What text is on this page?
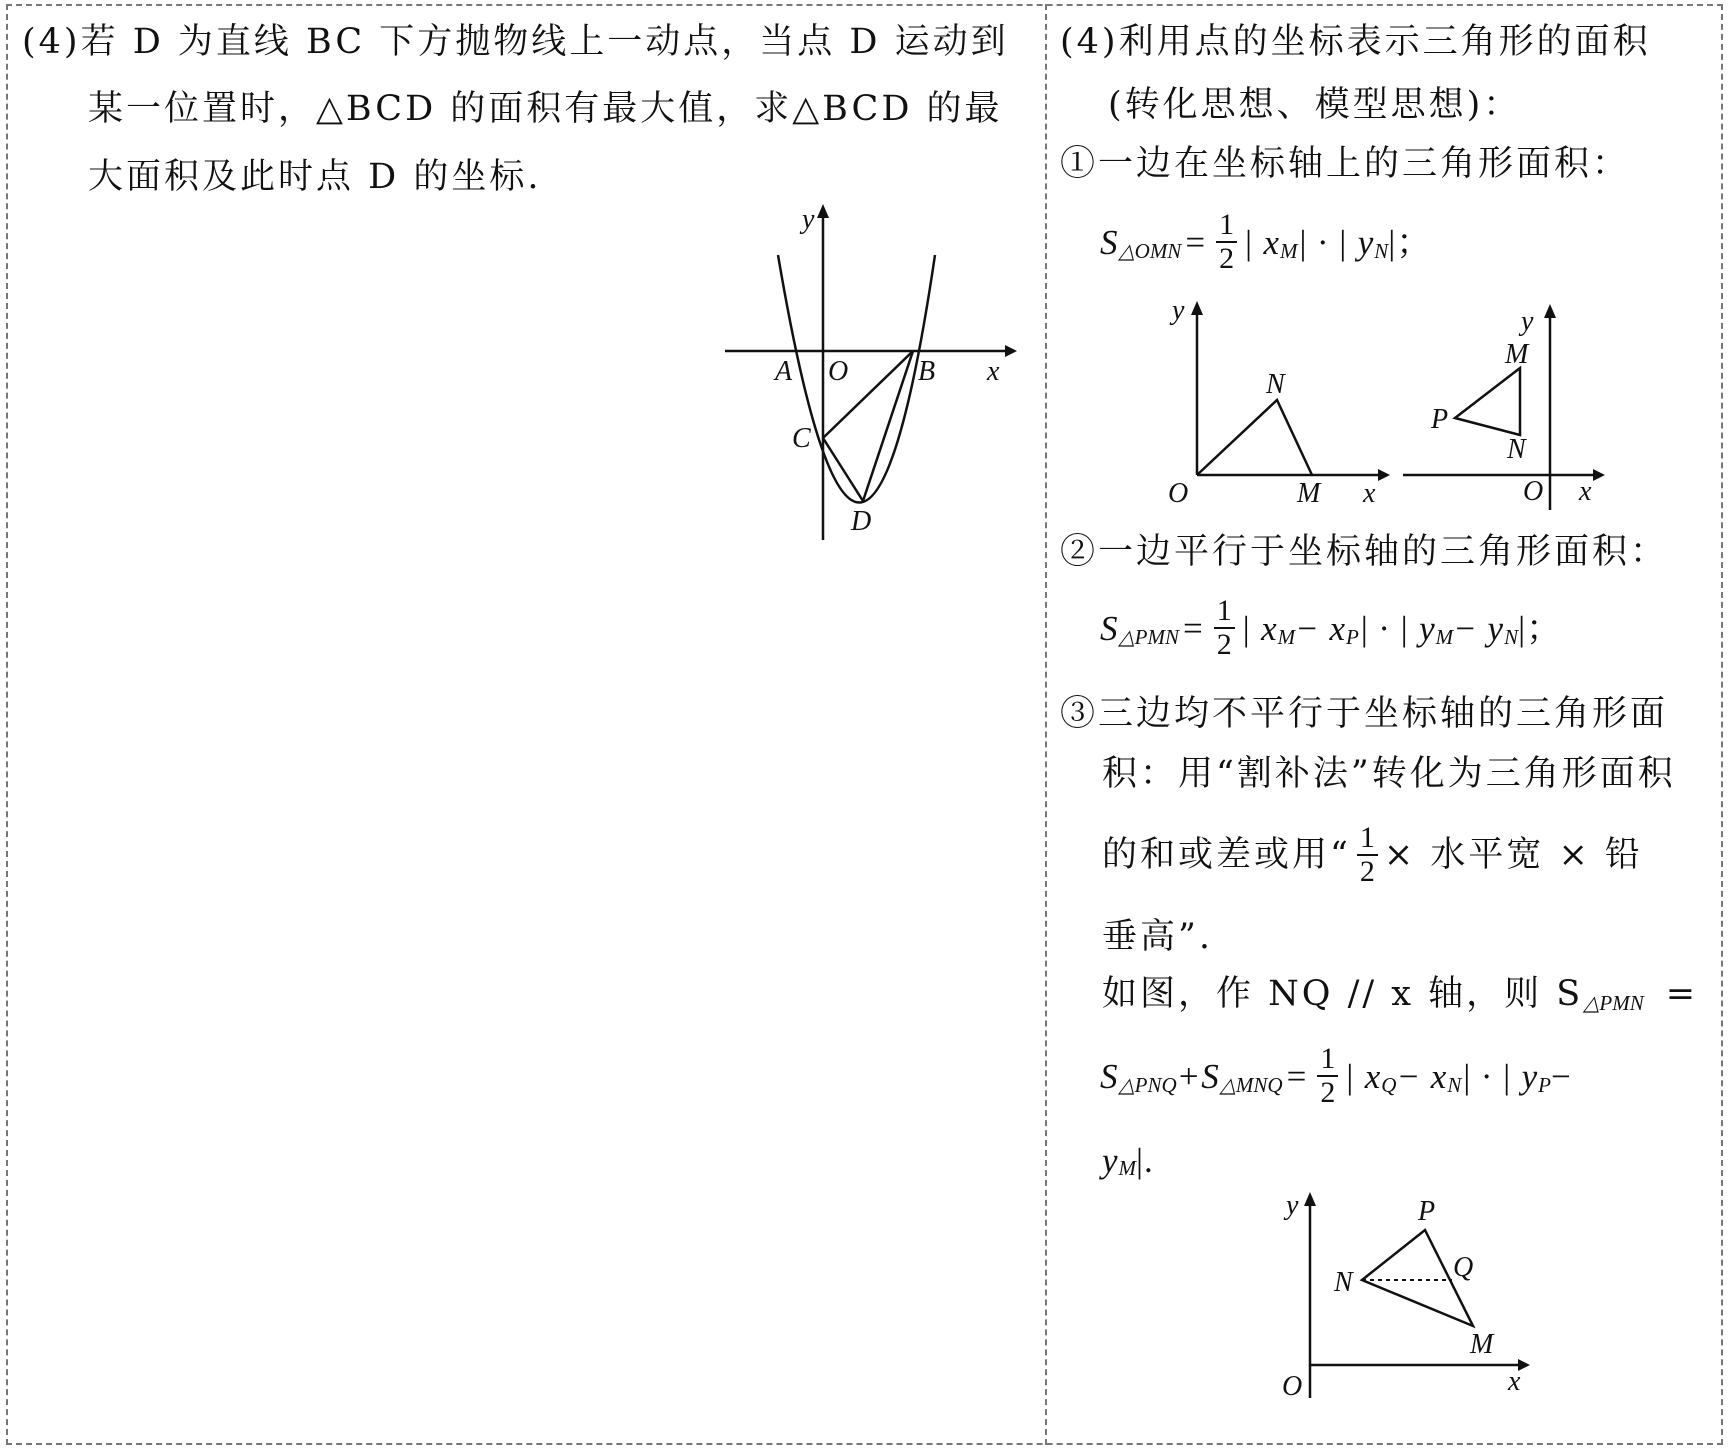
(4)若 D 为直线 BC 下方抛物线上一动点，当点 D 运动到
某一位置时，△BCD 的面积有最大值，求△BCD 的最
大面积及此时点 D 的坐标.
y
x
A O B
C
D
(4)利用点的坐标表示三角形的面积
(转化思想、模型思想)：
①一边在坐标轴上的三角形面积：
S △OMN = $\frac{1}{2}$ | x M | · | y N |；
y
x
O
N
M
y
x
O
M
N
P
②一边平行于坐标轴的三角形面积：
S △PMN = $\frac{1}{2}$ | x M − x P | · | y M − y N |；
③三边均不平行于坐标轴的三角形面
积：用“割补法”转化为三角形面积
的和或差或用“ $\frac{1}{2}$ × 水平宽 × 铅
垂高”.
如图，作 NQ // x 轴，则 S △PMN =
S △PNQ +S △MNQ = $\frac{1}{2}$ | x Q − x N | · | y P −
y M |.
y
x
O
P
Q
N
M
